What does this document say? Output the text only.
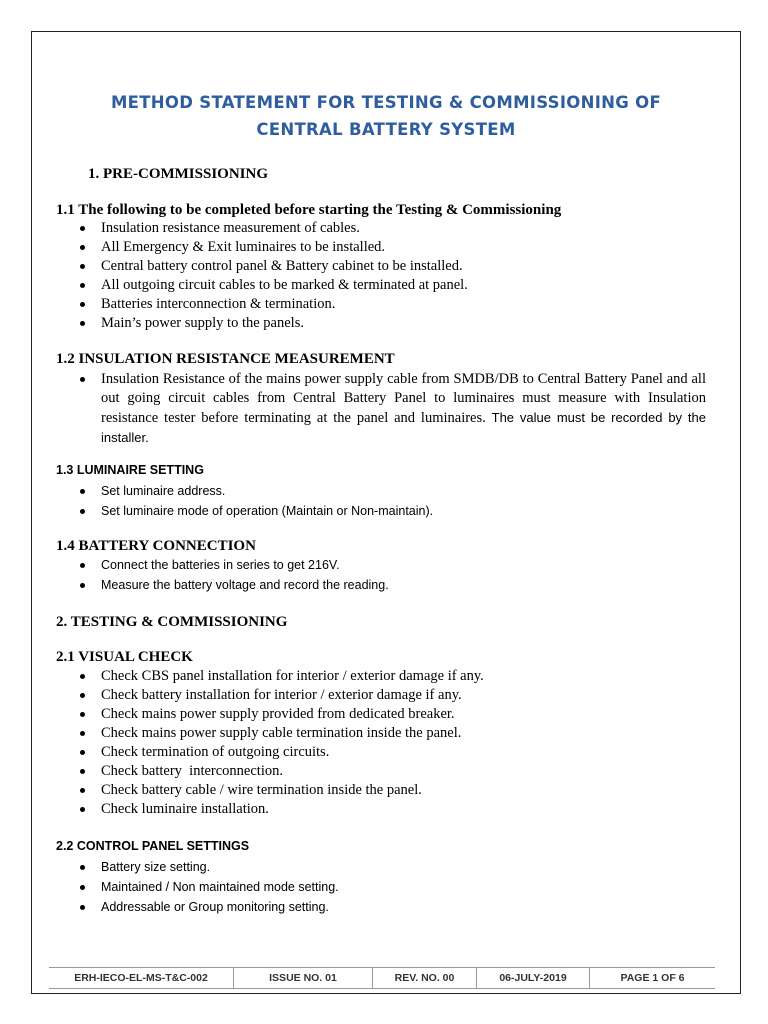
METHOD STATEMENT FOR TESTING & COMMISSIONING OF
CENTRAL BATTERY SYSTEM
1. PRE-COMMISSIONING
1.1 The following to be completed before starting the Testing & Commissioning
Insulation resistance measurement of cables.
All Emergency & Exit luminaires to be installed.
Central battery control panel & Battery cabinet to be installed.
All outgoing circuit cables to be marked & terminated at panel.
Batteries interconnection & termination.
Main’s power supply to the panels.
1.2 INSULATION RESISTANCE MEASUREMENT
Insulation Resistance of the mains power supply cable from SMDB/DB to Central Battery Panel and all out going circuit cables from Central Battery Panel to luminaires must measure with Insulation resistance tester before terminating at the panel and luminaires. The value must be recorded by the installer.
1.3 LUMINAIRE SETTING
Set luminaire address.
Set luminaire mode of operation (Maintain or Non-maintain).
1.4 BATTERY CONNECTION
Connect the batteries in series to get 216V.
Measure the battery voltage and record the reading.
2. TESTING & COMMISSIONING
2.1 VISUAL CHECK
Check CBS panel installation for interior / exterior damage if any.
Check battery installation for interior / exterior damage if any.
Check mains power supply provided from dedicated breaker.
Check mains power supply cable termination inside the panel.
Check termination of outgoing circuits.
Check battery  interconnection.
Check battery cable / wire termination inside the panel.
Check luminaire installation.
2.2 CONTROL PANEL SETTINGS
Battery size setting.
Maintained / Non maintained mode setting.
Addressable or Group monitoring setting.
ERH-IECO-EL-MS-T&C-002	ISSUE NO. 01	REV. NO. 00	06-JULY-2019	PAGE 1 OF 6
